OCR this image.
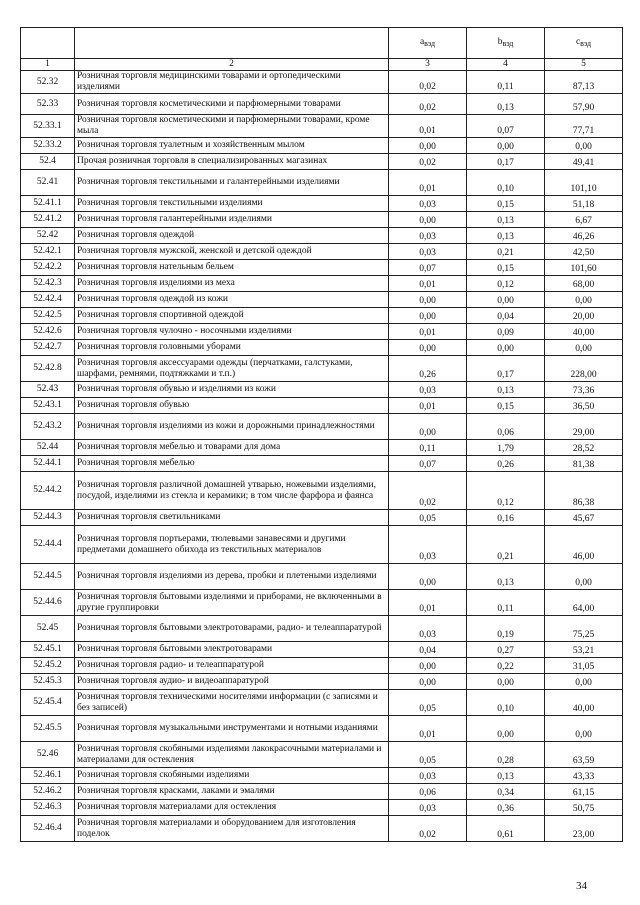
		$a_{вэд}$	$b_{вэд}$	$c_{вэд}$
1	2	3	4	5
52.32	Розничная торговля медицинскими товарами и ортопедическими изделиями	0,02	0,11	87,13
52.33	Розничная торговля косметическими и парфюмерными товарами	0,02	0,13	57,90
52.33.1	Розничная торговля косметическими и парфюмерными товарами, кроме мыла	0,01	0,07	77,71
52.33.2	Розничная торговля туалетным и хозяйственным мылом	0,00	0,00	0,00
52.4	Прочая розничная торговля в специализированных магазинах	0,02	0,17	49,41
52.41	Розничная торговля текстильными и галантерейными изделиями	0,01	0,10	101,10
52.41.1	Розничная торговля текстильными изделиями	0,03	0,15	51,18
52.41.2	Розничная торговля галантерейными изделиями	0,00	0,13	6,67
52.42	Розничная торговля одеждой	0,03	0,13	46,26
52.42.1	Розничная торговля мужской, женской и детской одеждой	0,03	0,21	42,50
52.42.2	Розничная торговля нательным бельем	0,07	0,15	101,60
52.42.3	Розничная торговля изделиями из меха	0,01	0,12	68,00
52.42.4	Розничная торговля одеждой из кожи	0,00	0,00	0,00
52.42.5	Розничная торговля спортивной одеждой	0,00	0,04	20,00
52.42.6	Розничная торговля чулочно - носочными изделиями	0,01	0,09	40,00
52.42.7	Розничная торговля головными уборами	0,00	0,00	0,00
52.42.8	Розничная торговля аксессуарами одежды (перчатками, галстуками, шарфами, ремнями, подтяжками и т.п.)	0,26	0,17	228,00
52.43	Розничная торговля обувью и изделиями из кожи	0,03	0,13	73,36
52.43.1	Розничная торговля обувью	0,01	0,15	36,50
52.43.2	Розничная торговля изделиями из кожи и дорожными принадлежностями	0,00	0,06	29,00
52.44	Розничная торговля мебелью и товарами для дома	0,11	1,79	28,52
52.44.1	Розничная торговля мебелью	0,07	0,26	81,38
52.44.2	Розничная торговля различной домашней утварью, ножевыми изделиями, посудой, изделиями из стекла и керамики; в том числе фарфора и фаянса	0,02	0,12	86,38
52.44.3	Розничная торговля светильниками	0,05	0,16	45,67
52.44.4	Розничная торговля портьерами, тюлевыми занавесями и другими предметами домашнего обихода из текстильных материалов	0,03	0,21	46,00
52.44.5	Розничная торговля изделиями из дерева, пробки и плетеными изделиями	0,00	0,13	0,00
52.44.6	Розничная торговля бытовыми изделиями и приборами, не включенными в другие группировки	0,01	0,11	64,00
52.45	Розничная торговля бытовыми электротоварами, радио- и телеаппаратурой	0,03	0,19	75,25
52.45.1	Розничная торговля бытовыми электротоварами	0,04	0,27	53,21
52.45.2	Розничная торговля радио- и телеаппаратурой	0,00	0,22	31,05
52.45.3	Розничная торговля аудио- и видеоаппаратурой	0,00	0,00	0,00
52.45.4	Розничная торговля техническими носителями информации (с записями и без записей)	0,05	0,10	40,00
52.45.5	Розничная торговля музыкальными инструментами и нотными изданиями	0,01	0,00	0,00
52.46	Розничная торговля скобяными изделиями лакокрасочными материалами и материалами для остекления	0,05	0,28	63,59
52.46.1	Розничная торговля скобяными изделиями	0,03	0,13	43,33
52.46.2	Розничная торговля красками, лаками и эмалями	0,06	0,34	61,15
52.46.3	Розничная торговля материалами для остекления	0,03	0,36	50,75
52.46.4	Розничная торговля материалами и оборудованием для изготовления поделок	0,02	0,61	23,00
34
